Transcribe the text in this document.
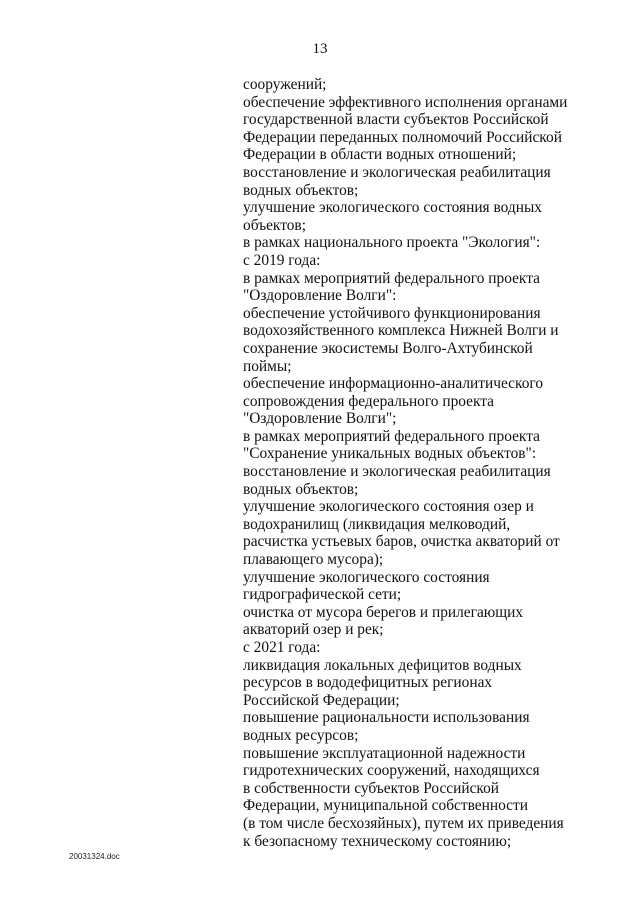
13
сооружений;
обеспечение эффективного исполнения органами
государственной власти субъектов Российской
Федерации переданных полномочий Российской
Федерации в области водных отношений;
восстановление и экологическая реабилитация
водных объектов;
улучшение экологического состояния водных
объектов;
в рамках национального проекта "Экология":
с 2019 года:
в рамках мероприятий федерального проекта
"Оздоровление Волги":
обеспечение устойчивого функционирования
водохозяйственного комплекса Нижней Волги и
сохранение экосистемы Волго-Ахтубинской
поймы;
обеспечение информационно-аналитического
сопровождения федерального проекта
"Оздоровление Волги";
в рамках мероприятий федерального проекта
"Сохранение уникальных водных объектов":
восстановление и экологическая реабилитация
водных объектов;
улучшение экологического состояния озер и
водохранилищ (ликвидация мелководий,
расчистка устьевых баров, очистка акваторий от
плавающего мусора);
улучшение экологического состояния
гидрографической сети;
очистка от мусора берегов и прилегающих
акваторий озер и рек;
с 2021 года:
ликвидация локальных дефицитов водных
ресурсов в вододефицитных регионах
Российской Федерации;
повышение рациональности использования
водных ресурсов;
повышение эксплуатационной надежности
гидротехнических сооружений, находящихся
в собственности субъектов Российской
Федерации, муниципальной собственности
(в том числе бесхозяйных), путем их приведения
к безопасному техническому состоянию;
20031324.doc
